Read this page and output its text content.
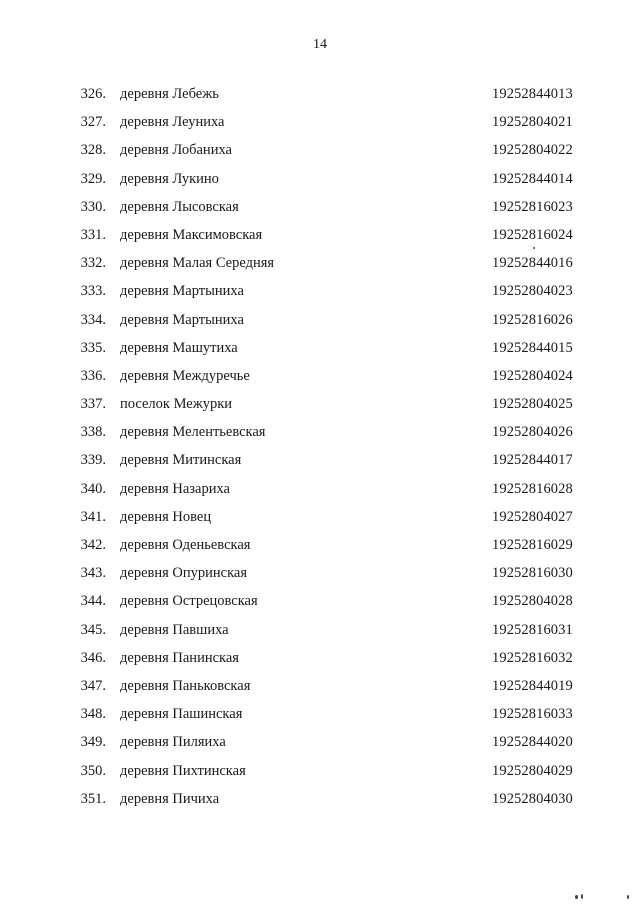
14
326. деревня Лебежь	19252844013
327. деревня Леуниха	19252804021
328. деревня Лобаниха	19252804022
329. деревня Лукино	19252844014
330. деревня Лысовская	19252816023
331. деревня Максимовская	19252816024
332. деревня Малая Середняя	19252844016
333. деревня Мартыниха	19252804023
334. деревня Мартыниха	19252816026
335. деревня Машутиха	19252844015
336. деревня Междуречье	19252804024
337. поселок Межурки	19252804025
338. деревня Мелентьевская	19252804026
339. деревня Митинская	19252844017
340. деревня Назариха	19252816028
341. деревня Новец	19252804027
342. деревня Оденьевская	19252816029
343. деревня Опуринская	19252816030
344. деревня Острецовская	19252804028
345. деревня Павшиха	19252816031
346. деревня Панинская	19252816032
347. деревня Паньковская	19252844019
348. деревня Пашинская	19252816033
349. деревня Пиляиха	19252844020
350. деревня Пихтинская	19252804029
351. деревня Пичиха	19252804030
